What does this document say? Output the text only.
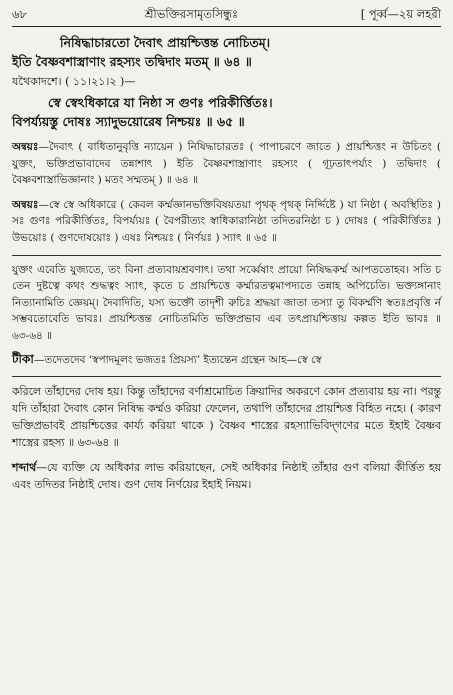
৬৮	শ্রীভক্তিরসামৃতসিন্ধুঃ	[ পূর্ব্ব—২য় লহরী
নিষিদ্ধাচারতো দৈবাৎ প্রায়শ্চিত্তন্ত নোচিতম্।
ইতি বৈষ্ণবশাস্ত্রাণাং রহস্যং তদ্বিদাং মতম্ ॥ ৬৪ ॥
যথৈকাদশে। ( ১১।২১।২ )—
স্বে স্বেঽধিকারে যা নিষ্ঠা স গুণঃ পরিকীর্ত্তিতঃ।
বিপর্য্যয়স্তু দোষঃ স্যাদুভয়োরেষ নিশ্চয়ঃ ॥ ৬৫ ॥
অন্বয়ঃ—দৈবাৎ ( বাধিতানুবৃত্তি ন্যায়েন ) নিষিদ্ধাচারতঃ ( পাপাচরণে জাতে ) প্রায়শ্চিত্তং ন উচিতং ( যুক্তং, ভক্তিপ্রভাবাদেব তন্নাশাৎ ) ইতি বৈষ্ণবশাস্ত্রাণাং রহস্যং ( গূঢ়তাৎপর্য্যং ) তদ্বিদাং ( বৈষ্ণবশাস্ত্রাভিজ্ঞানাং ) মতং সম্মতম্ ) ॥ ৬৪ ॥
অন্বয়ঃ—স্বে স্বে অধিকারে ( কেবল কর্ম্মজ্ঞানভক্তিবিষয়তয়া পৃথক্ পৃথক্ নির্দ্দিষ্টে ) যা নিষ্ঠা ( অবস্থিতিঃ ) সঃ গুণঃ পরিকীর্ত্তিতঃ, বিপর্য্যয়ঃ ( বৈপরীত্যং স্বাধিকারানিষ্ঠা তদিতরনিষ্ঠা চ ) দোষঃ ( পরিকীর্ত্তিতঃ ) উভয়োঃ ( গুণদোষয়োঃ ) এষঃ নিশ্চয়ঃ ( নির্ণয়ঃ ) স্যাৎ ॥ ৬৫ ॥
যুক্তং এবেতি যুজ্যতে, তং বিনা প্রত্যবায়শ্রবণাৎ। তথা সর্ব্বেষাং প্রায়ো নিষিদ্ধকর্ম্ম আপততোহব। সতি চ তেন দুষ্টত্বে কথং শুদ্ধত্বং স্যাৎ, কৃতে চ প্রায়শ্চিত্তে কর্ম্মারতত্বমাপদ্যতে তন্নাহ অপিচেতি। ভক্ত্যঙ্গানাং নিত্যানামিতি জ্ঞেয়ম্। দৈবাদিতি, যস্য ভক্তৌ তাদৃশী রুচিঃ শ্রদ্ধয়া জাতা তস্যা তু বিকর্ম্মণি স্বতঃপ্রবৃত্তি র্ন সম্ভবতোবেতি ভাবঃ। প্রায়শ্চিত্তন্ত নোচিতমিতি ভক্তিপ্রভাব এব তৎপ্রায়শ্চিত্তায় কল্পত ইতি ভাবঃ ॥ ৬৩-৬৪ ॥
টীকা—তদেতদেব ‘স্বপাদমূলং ভজতঃ প্রিয়স্য’ ইত্যন্তেন গ্রন্থেন আহ—স্বে স্বে
করিলে তাঁহাদের দোষ হয়। কিন্তু তাঁহাদের বর্ণাশ্রমোচিত ক্রিয়াদির অকরণে কোন প্রত্যবায় হয় না। পরন্তু যদি তাঁহারা দৈবাৎ কোন নিষিদ্ধ কর্ম্মও করিয়া ফেলেন, তথাপি তাঁহাদের প্রায়শ্চিত্ত বিহিত নহে। ( কারণ ভক্তিপ্রভাবই প্রায়শ্চিত্তের কার্য্য করিয়া থাকে ) বৈষ্ণব শাস্ত্রের রহস্যাভিবিদ্‌গণের মতে ইহাই বৈষ্ণব শাস্ত্রের রহস্য ॥ ৬৩-৬৪ ॥
শব্দার্থ—যে ব্যক্তি যে অধিকার লাভ করিয়াছেন, সেই অধিকার নিষ্ঠাই তাঁহার গুণ বলিয়া কীর্ত্তিত হয় এবং তদিতর নিষ্ঠাই দোষ। গুণ দোষ নির্ণয়ের ইহাই নিয়ম।
